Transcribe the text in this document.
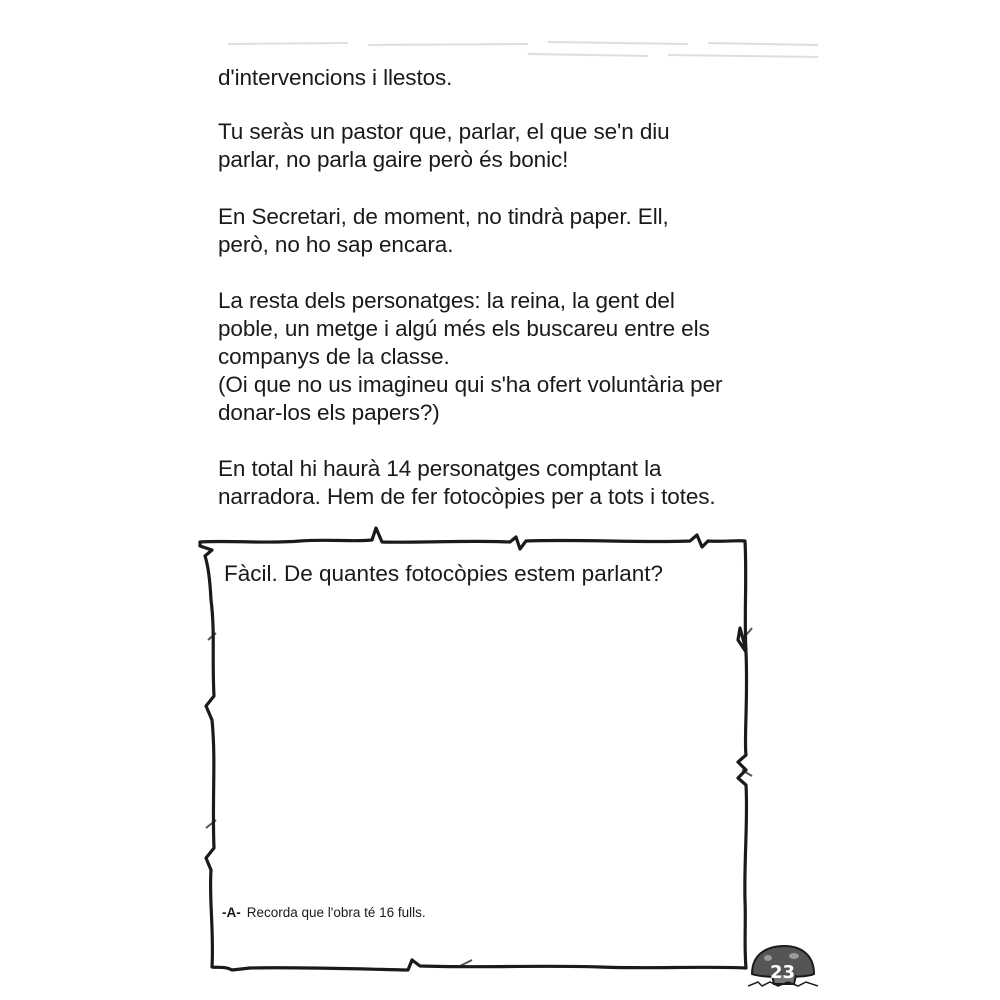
d'intervencions i llestos.

Tu seràs un pastor que, parlar, el que se'n diu
parlar, no parla gaire però és bonic!

En Secretari, de moment, no tindrà paper. Ell,
però, no ho sap encara.

La resta dels personatges: la reina, la gent del
poble, un metge i algú més els buscareu entre els
companys de la classe.
(Oi que no us imagineu qui s'ha ofert voluntària per
donar-los els papers?)

En total hi haurà 14 personatges comptant la
narradora. Hem de fer fotocòpies per a tots i totes.

Fàcil. De quantes fotocòpies estem parlant?
-A- Recorda que l'obra té 16 fulls.
23
